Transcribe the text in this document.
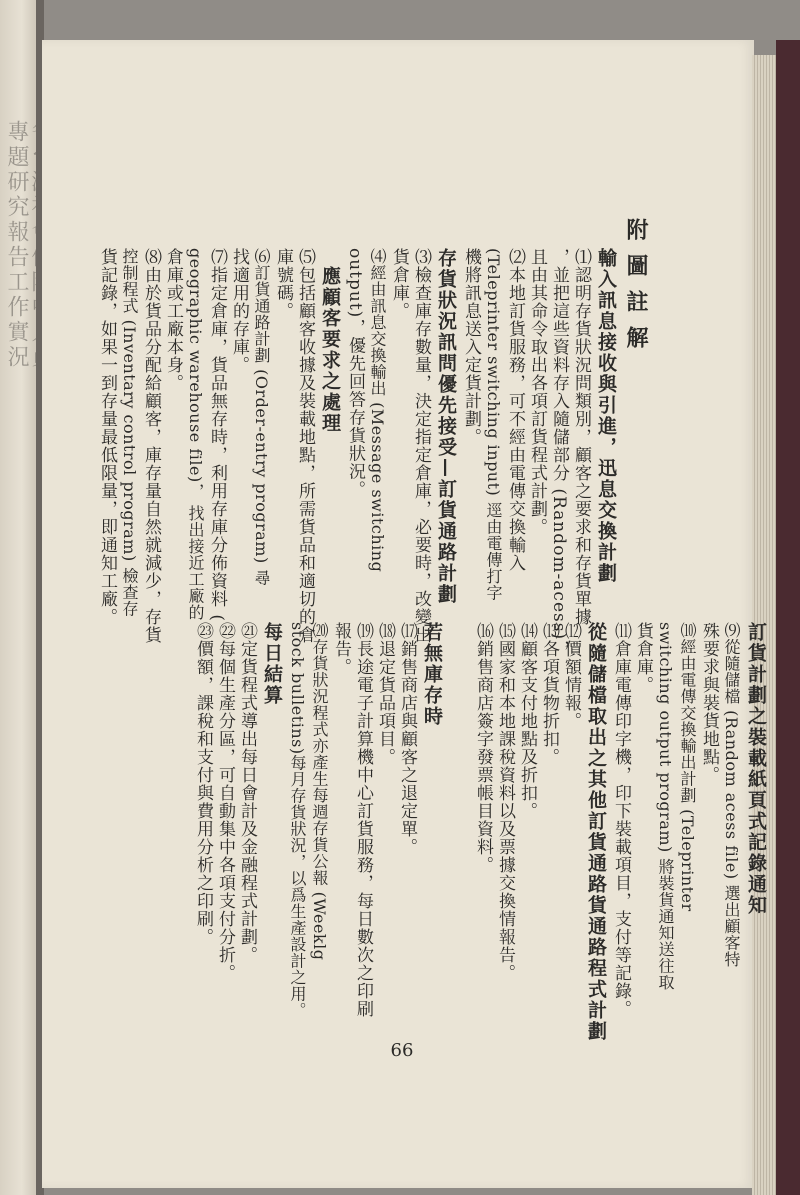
專題研究報告工作實況	附圖註解
輸入訊息接收與引進，迅息交換計劃
⑴認明存貨狀況問類別，顧客之要求和存貨單據
，並把這些資料存入隨儲部分 (Random-acess)，
且由其命令取出各項訂貨程式計劃。
⑵本地訂貨服務，可不經由電傳交換輸入
(Teleprinter switching input) 逕由電傳打字
機將訊息送入定貨計劃。
存貨狀況訊問優先接受—訂貨通路計劃
⑶檢查庫存數量，決定指定倉庫，必要時，改變出
貨倉庫。
⑷經由訊息交換輸出 (Message switching
output)，優先回答存貨狀況。
應顧客要求之處理
⑸包括顧客收據及裝載地點，所需貨品和適切的倉
庫號碼。
⑹訂貨通路計劃 (Order-entry program) 尋
找適用的存庫。
⑺指定倉庫，貨品無存時，利用存庫分佈資料 (
geographic warehouse file)， 找出接近工廠的
倉庫或工廠本身。
⑻由於貨品分配給顧客，庫存量自然就減少，存貨
控制程式 (Inventary control program) 檢查存
貨記錄，如果一到存量最低限量，即通知工廠。
訂貨計劃之裝載紙頁式記錄通知
⑼從隨儲檔 (Random acess file) 選出顧客特
殊要求與裝貨地點。
⑽經由電傳交換輸出計劃 (Teleprinter
switching output program) 將裝貨通知送往取
貨倉庫。
⑾倉庫電傳印字機，印下裝載項目，支付等記錄。
從隨儲檔取出之其他訂貨通路貨通路程式計劃
⑿價額情報。
⒀各項貨物折扣。
⒁顧客支付地點及折扣。
⒂國家和本地課稅資料以及票據交換情報告。
⒃銷售商店簽字發票帳目資料。
若無庫存時
⒄銷售商店與顧客之退定單。
⒅退定貨品項目。
⒆長途電子計算機中心訂貨服務，每日數次之印刷
報告。
⒇存貨狀況程式亦產生每週存貨公報 (Weeklg
stock bulletins)每月存貨狀況，以爲生產設計之用。
每日結算
㉑定貨程式導出每日會計及金融程式計劃。
㉒每個生產分區，可自動集中各項支付分折。
㉓價額，課稅和支付與費用分析之印刷。
66
